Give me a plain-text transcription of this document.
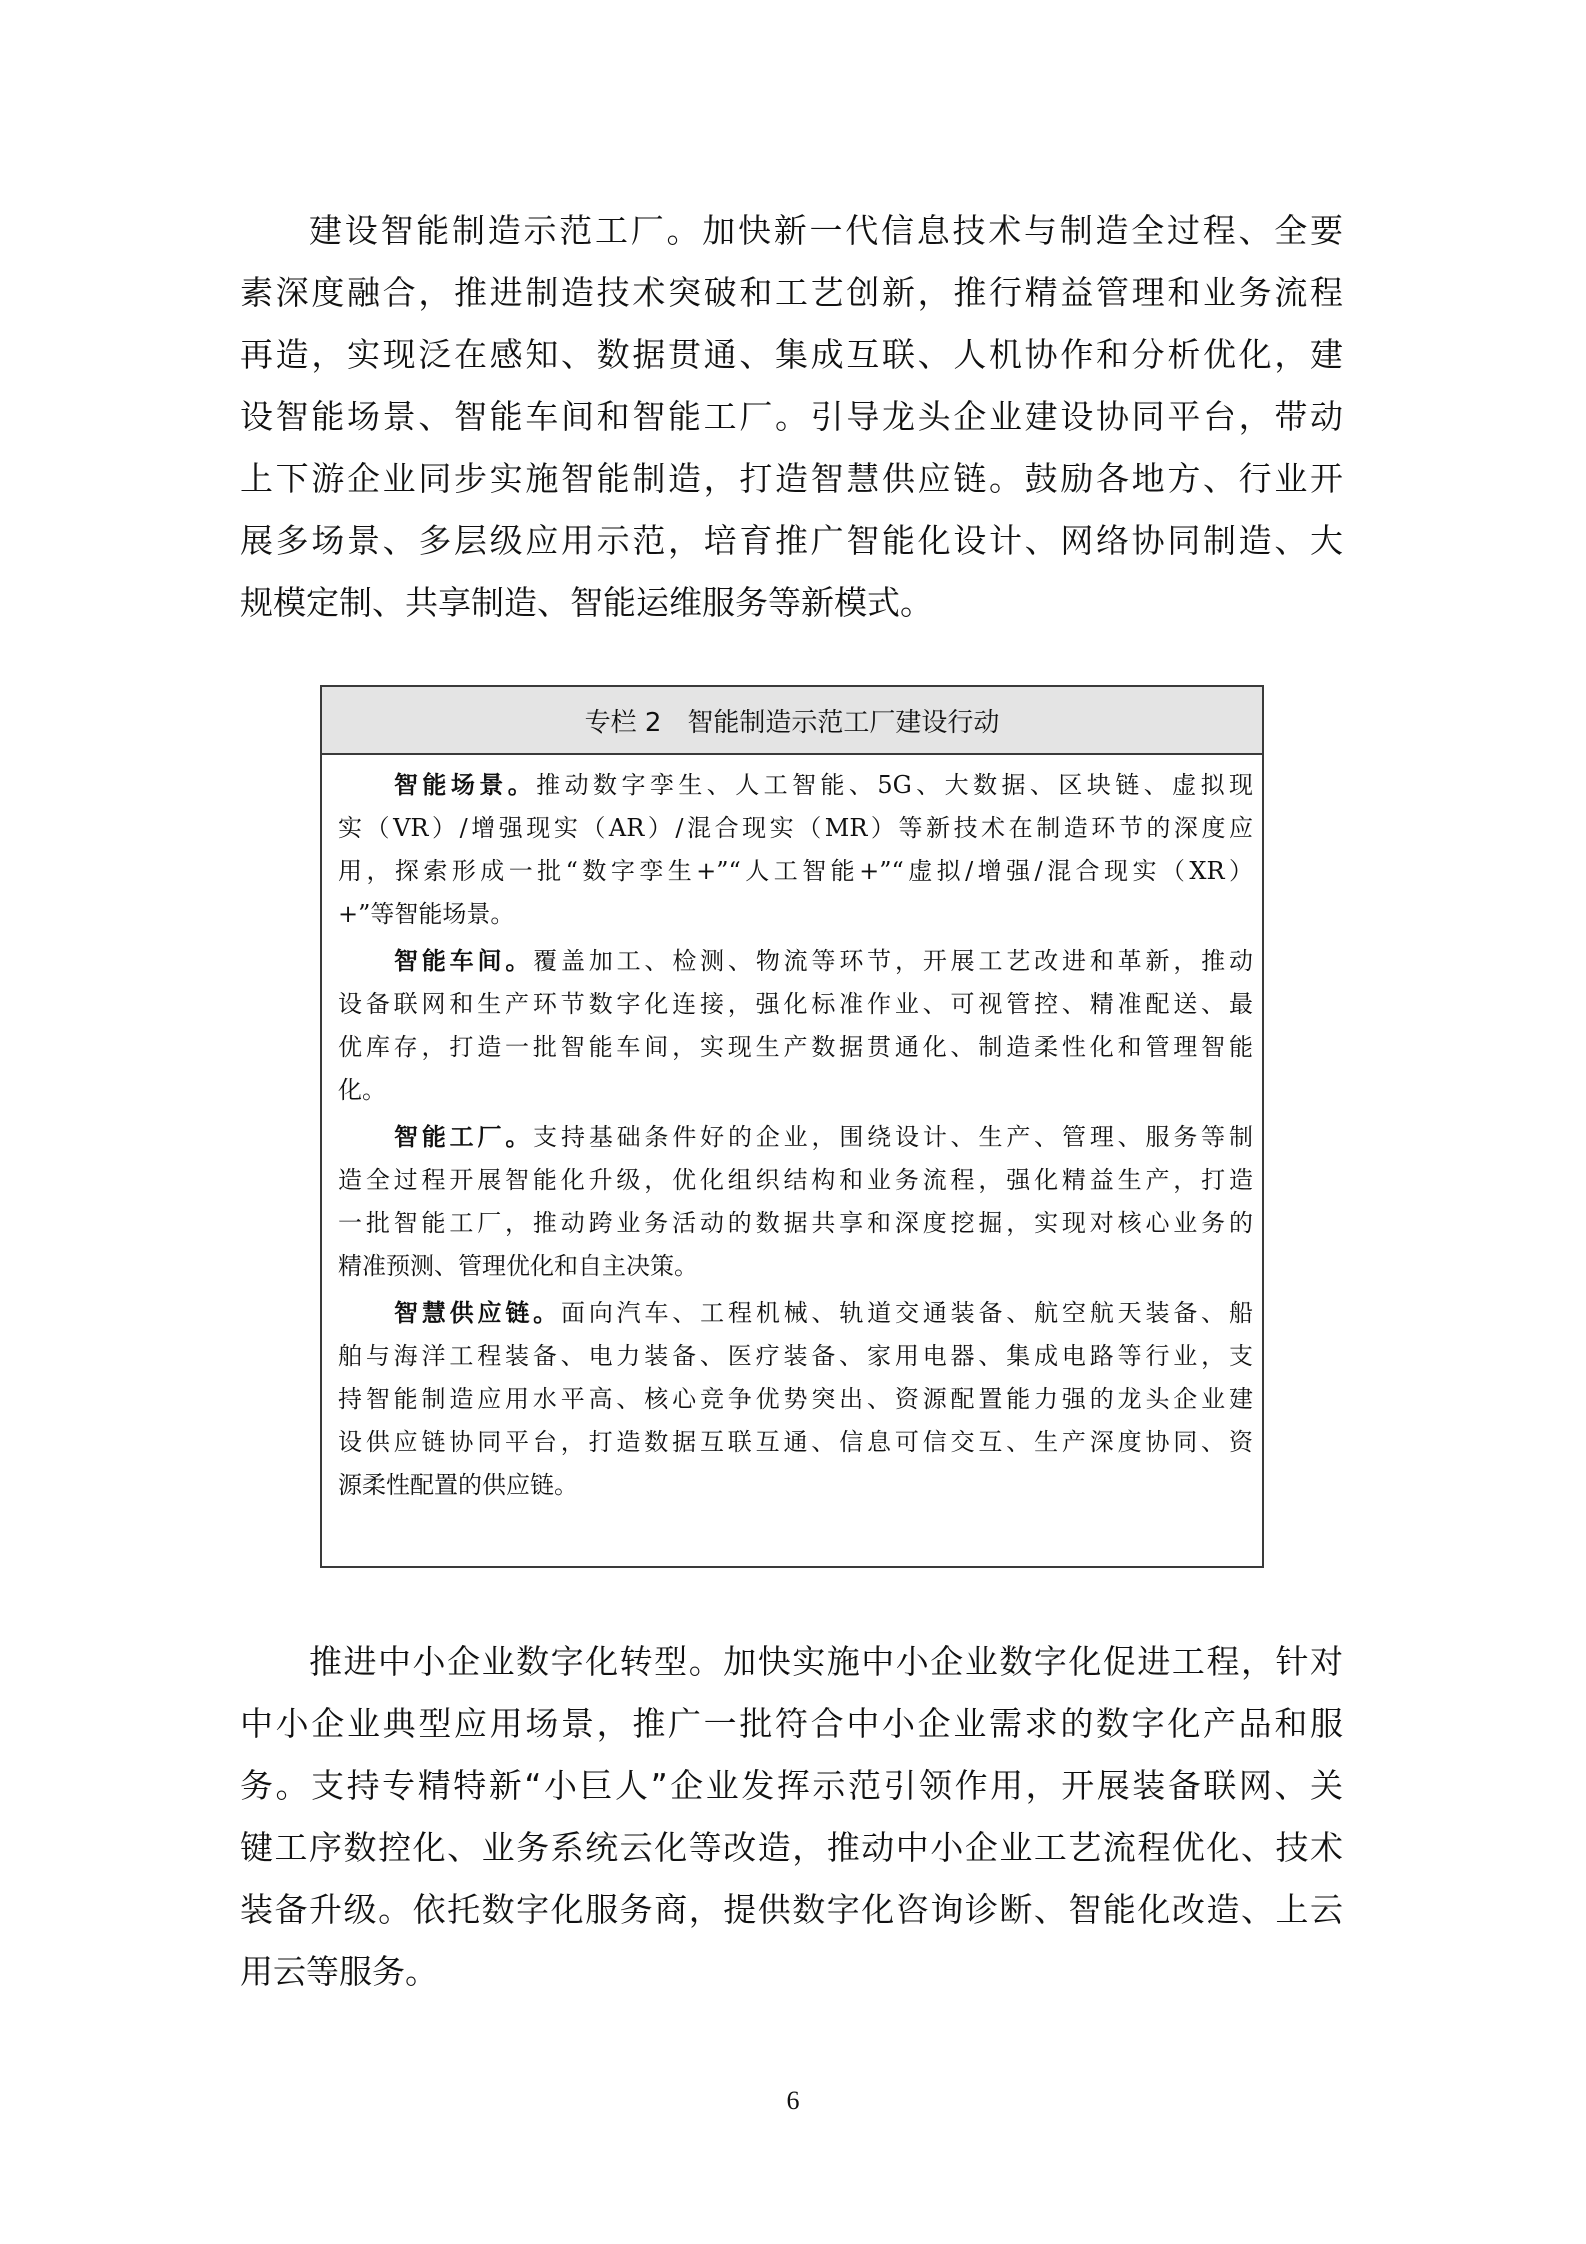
建设智能制造示范工厂。加快新一代信息技术与制造全过程、全要
素深度融合，推进制造技术突破和工艺创新，推行精益管理和业务流程
再造，实现泛在感知、数据贯通、集成互联、人机协作和分析优化，建
设智能场景、智能车间和智能工厂。引导龙头企业建设协同平台，带动
上下游企业同步实施智能制造，打造智慧供应链。鼓励各地方、行业开
展多场景、多层级应用示范，培育推广智能化设计、网络协同制造、大
规模定制、共享制造、智能运维服务等新模式。
专栏 2 智能制造示范工厂建设行动
智能场景。推动数字孪生、人工智能、5G、大数据、区块链、虚拟现
实（VR）/增强现实（AR）/混合现实（MR）等新技术在制造环节的深度应
用，探索形成一批“数字孪生+”“人工智能+”“虚拟/增强/混合现实（XR）
+”等智能场景。
智能车间。覆盖加工、检测、物流等环节，开展工艺改进和革新，推动
设备联网和生产环节数字化连接，强化标准作业、可视管控、精准配送、最
优库存，打造一批智能车间，实现生产数据贯通化、制造柔性化和管理智能
化。
智能工厂。支持基础条件好的企业，围绕设计、生产、管理、服务等制
造全过程开展智能化升级，优化组织结构和业务流程，强化精益生产，打造
一批智能工厂，推动跨业务活动的数据共享和深度挖掘，实现对核心业务的
精准预测、管理优化和自主决策。
智慧供应链。面向汽车、工程机械、轨道交通装备、航空航天装备、船
舶与海洋工程装备、电力装备、医疗装备、家用电器、集成电路等行业，支
持智能制造应用水平高、核心竞争优势突出、资源配置能力强的龙头企业建
设供应链协同平台，打造数据互联互通、信息可信交互、生产深度协同、资
源柔性配置的供应链。
推进中小企业数字化转型。加快实施中小企业数字化促进工程，针对
中小企业典型应用场景，推广一批符合中小企业需求的数字化产品和服
务。支持专精特新“小巨人”企业发挥示范引领作用，开展装备联网、关
键工序数控化、业务系统云化等改造，推动中小企业工艺流程优化、技术
装备升级。依托数字化服务商，提供数字化咨询诊断、智能化改造、上云
用云等服务。
6
